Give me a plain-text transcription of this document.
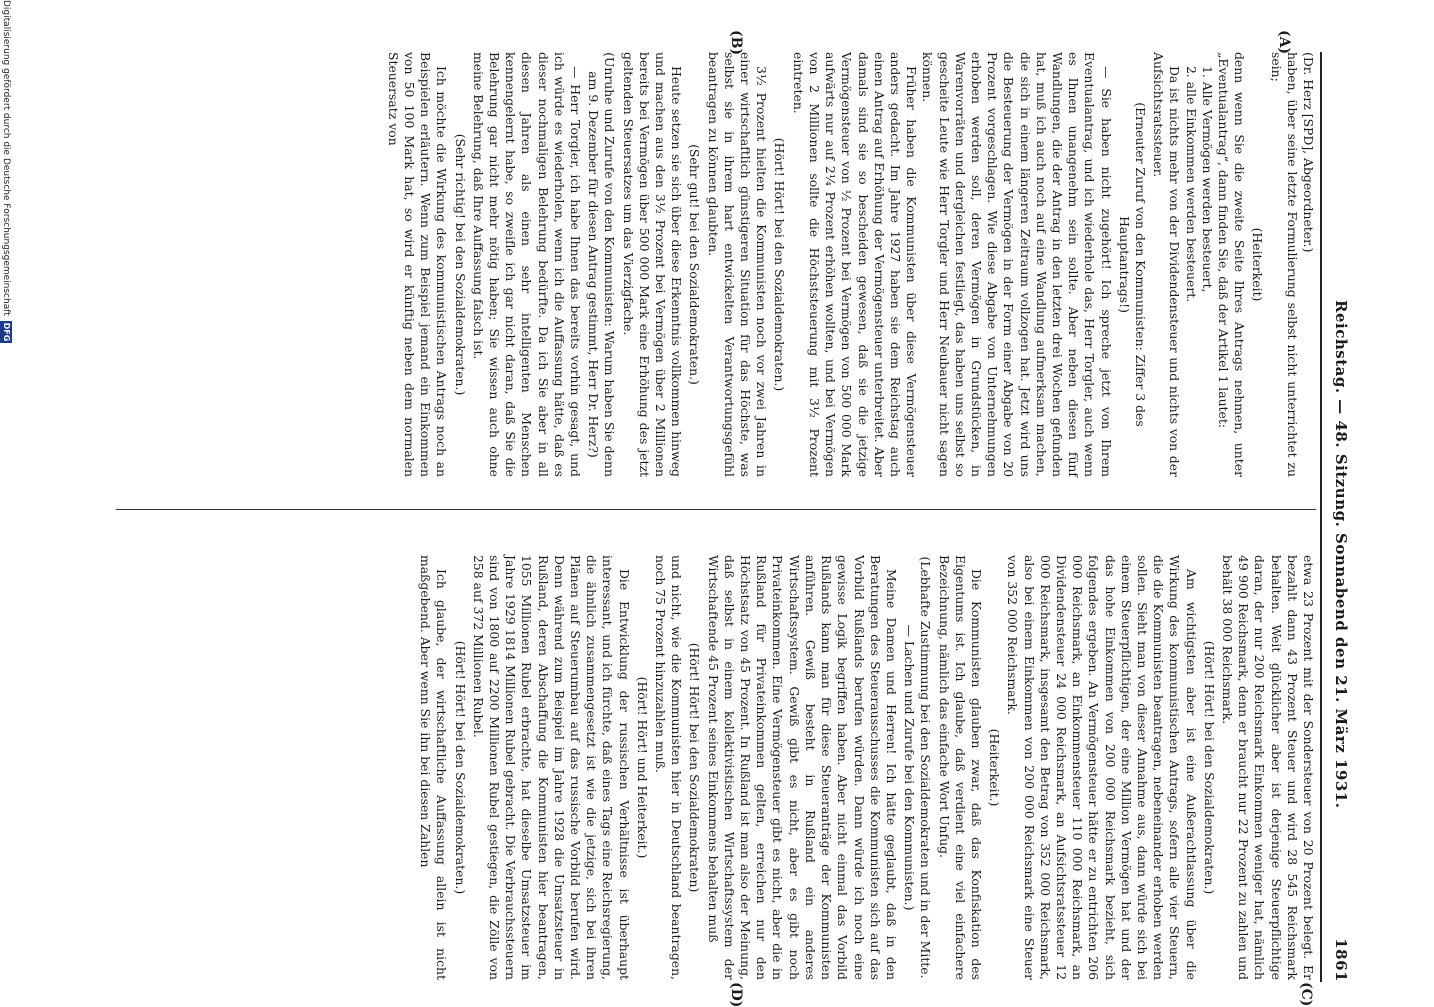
Reichstag. — 48. Sitzung. Sonnabend den 21. März 1931.
1861
(A)
(B)
(C)
(D)

(Dr. Herz [SPD], Abgeordneter.)

haben, über seine letzte Formulierung selbst nicht unterrichtet zu sein;

(Heiterkeit)

denn wenn Sie die zweite Seite Ihres Antrags nehmen, unter „Eventualantrag“, dann finden Sie, daß der Artikel 1 lautet:

1. Alle Vermögen werden besteuert,

2. alle Einkommen werden besteuert.

Da ist nichts mehr von der Dividendensteuer und nichts von der Aufsichtsratssteuer.

(Erneuter Zuruf von den Kommunisten: Ziffer 3 des Hauptantrags!)

— Sie haben nicht zugehört! Ich spreche jetzt von Ihrem Eventualantrag, und ich wiederhole das, Herr Torgler, auch wenn es Ihnen unangenehm sein sollte. Aber neben diesen fünf Wandlungen, die der Antrag in den letzten drei Wochen gefunden hat, muß ich auch noch auf eine Wandlung aufmerksam machen, die sich in einem längeren Zeitraum vollzogen hat. Jetzt wird uns die Besteuerung der Vermögen in der Form einer Abgabe von 20 Prozent vorgeschlagen. Wie diese Abgabe von Unternehmungen erhoben werden soll, deren Vermögen in Grundstücken, in Warenvorräten und dergleichen festliegt, das haben uns selbst so gescheite Leute wie Herr Torgler und Herr Neubauer nicht sagen können.

Früher haben die Kommunisten über diese Vermögensteuer anders gedacht. Im Jahre 1927 haben sie dem Reichstag auch einen Antrag auf Erhöhung der Vermögensteuer unterbreitet. Aber damals sind sie so bescheiden gewesen, daß sie die jetzige Vermögensteuer von ½ Prozent bei Vermögen von 500 000 Mark aufwärts nur auf 2¼ Prozent erhöhen wollten, und bei Vermögen von 2 Millionen sollte die Höchststeuerung mit 3½ Prozent eintreten.

(Hört! Hört! bei den Sozialdemokraten.)

3½ Prozent hielten die Kommunisten noch vor zwei Jahren in einer wirtschaftlich günstigeren Situation für das Höchste, was selbst sie in ihrem hart entwickelten Verantwortungsgefühl beantragen zu können glaubten.

(Sehr gut! bei den Sozialdemokraten.)

Heute setzen sie sich über diese Erkenntnis vollkommen hinweg und machen aus den 3½ Prozent bei Vermögen über 2 Millionen bereits bei Vermögen über 500 000 Mark eine Erhöhung des jetzt geltenden Steuersatzes um das Vierzigfache.

(Unruhe und Zurufe von den Kommunisten: Warum haben Sie denn am 9. Dezember für diesen Antrag gestimmt, Herr Dr. Herz?)

— Herr Torgler, ich habe Ihnen das bereits vorhin gesagt, und ich würde es wiederholen, wenn ich die Auffassung hätte, daß es dieser nochmaligen Belehrung bedürfte. Da ich Sie aber in all diesen Jahren als einen sehr intelligenten Menschen kennengelernt habe, so zweifle ich gar nicht daran, daß Sie die Belehrung gar nicht mehr nötig haben; Sie wissen auch ohne meine Belehrung, daß Ihre Auffassung falsch ist.

(Sehr richtig! bei den Sozialdemokraten.)

Ich möchte die Wirkung des kommunistischen Antrags noch an Beispielen erläutern. Wenn zum Beispiel jemand ein Einkommen von 50 100 Mark hat, so wird er künftig neben dem normalen Steuersatz von

etwa 23 Prozent mit der Sondersteuer von 20 Prozent belegt. Er bezahlt dann 43 Prozent Steuer und wird 28 545 Reichsmark behalten. Weit glücklicher aber ist derjenige Steuerpflichtige daran, der nur 200 Reichsmark Einkommen weniger hat, nämlich 49 900 Reichsmark, denn er braucht nur 22 Prozent zu zahlen und behält 38 000 Reichsmark.

(Hört! Hört! bei den Sozialdemokraten.)

Am wichtigsten aber ist eine Außerachtlassung über die Wirkung des kommunistischen Antrags, sofern alle vier Steuern, die die Kommunisten beantragen, nebeneinander erhoben werden sollen. Sieht man von dieser Annahme aus, dann würde sich bei einem Steuerpflichtigen, der eine Million Vermögen hat und der das hohe Einkommen von 200 000 Reichsmark bezieht, sich folgendes ergeben. An Vermögensteuer hätte er zu entrichten 206 000 Reichsmark, an Einkommensteuer 110 000 Reichsmark, an Dividendensteuer 24 000 Reichsmark, an Aufsichtsratssteuer 12 000 Reichsmark, insgesamt den Betrag von 352 000 Reichsmark, also bei einem Einkommen von 200 000 Reichsmark eine Steuer von 352 000 Reichsmark.

(Heiterkeit.)

Die Kommunisten glauben zwar, daß das Konfiskation des Eigentums ist. Ich glaube, daß verdient eine viel einfachere Bezeichnung, nämlich das einfache Wort Unfug.

(Lebhafte Zustimmung bei den Sozialdemokraten und in der Mitte. — Lachen und Zurufe bei den Kommunisten.)

Meine Damen und Herren! Ich hätte geglaubt, daß in den Beratungen des Steuerausschusses die Kommunisten sich auf das Vorbild Rußlands berufen würden. Dann würde ich noch eine gewisse Logik begriffen haben. Aber nicht einmal das Vorbild Rußlands kann man für diese Steueranträge der Kommunisten anführen. Gewiß besteht in Rußland ein anderes Wirtschaftssystem. Gewiß gibt es nicht, aber es gibt noch Privateinkommen. Eine Vermögensteuer gibt es nicht, aber die in Rußland für Privateinkommen gelten, erreichen nur den Höchstsatz von 45 Prozent. In Rußland ist man also der Meinung, daß selbst in einem kollektivistischen Wirtschaftssystem der Wirtschaftende 45 Prozent seines Einkommens behalten muß

(Hört! Hört! bei den Sozialdemokraten)

und nicht, wie die Kommunisten hier in Deutschland beantragen, noch 75 Prozent hinzuzahlen muß.

(Hört! Hört! und Heiterkeit.)

Die Entwicklung der russischen Verhältnisse ist überhaupt interessant, und ich fürchte, daß eines Tags eine Reichsregierung, die ähnlich zusammengesetzt ist wie die jetzige, sich bei ihren Plänen auf Steuerumbau auf das russische Vorbild berufen wird. Denn während zum Beispiel im Jahre 1928 die Umsatzsteuer in Rußland, deren Abschaffung die Kommunisten hier beantragen, 1055 Millionen Rubel erbrachte, hat dieselbe Umsatzsteuer im Jahre 1929 1814 Millionen Rubel gebracht. Die Verbrauchssteuern sind von 1800 auf 2200 Millionen Rubel gestiegen, die Zölle von 258 auf 372 Millionen Rubel.

(Hört! Hört! bei den Sozialdemokraten.)

Ich glaube, der wirtschaftliche Auffassung allein ist nicht maßgebend. Aber wenn Sie ihn bei diesen Zahlen

Digitalisierung gefördert durch die Deutsche Forschungsgemeinschaft DFG
